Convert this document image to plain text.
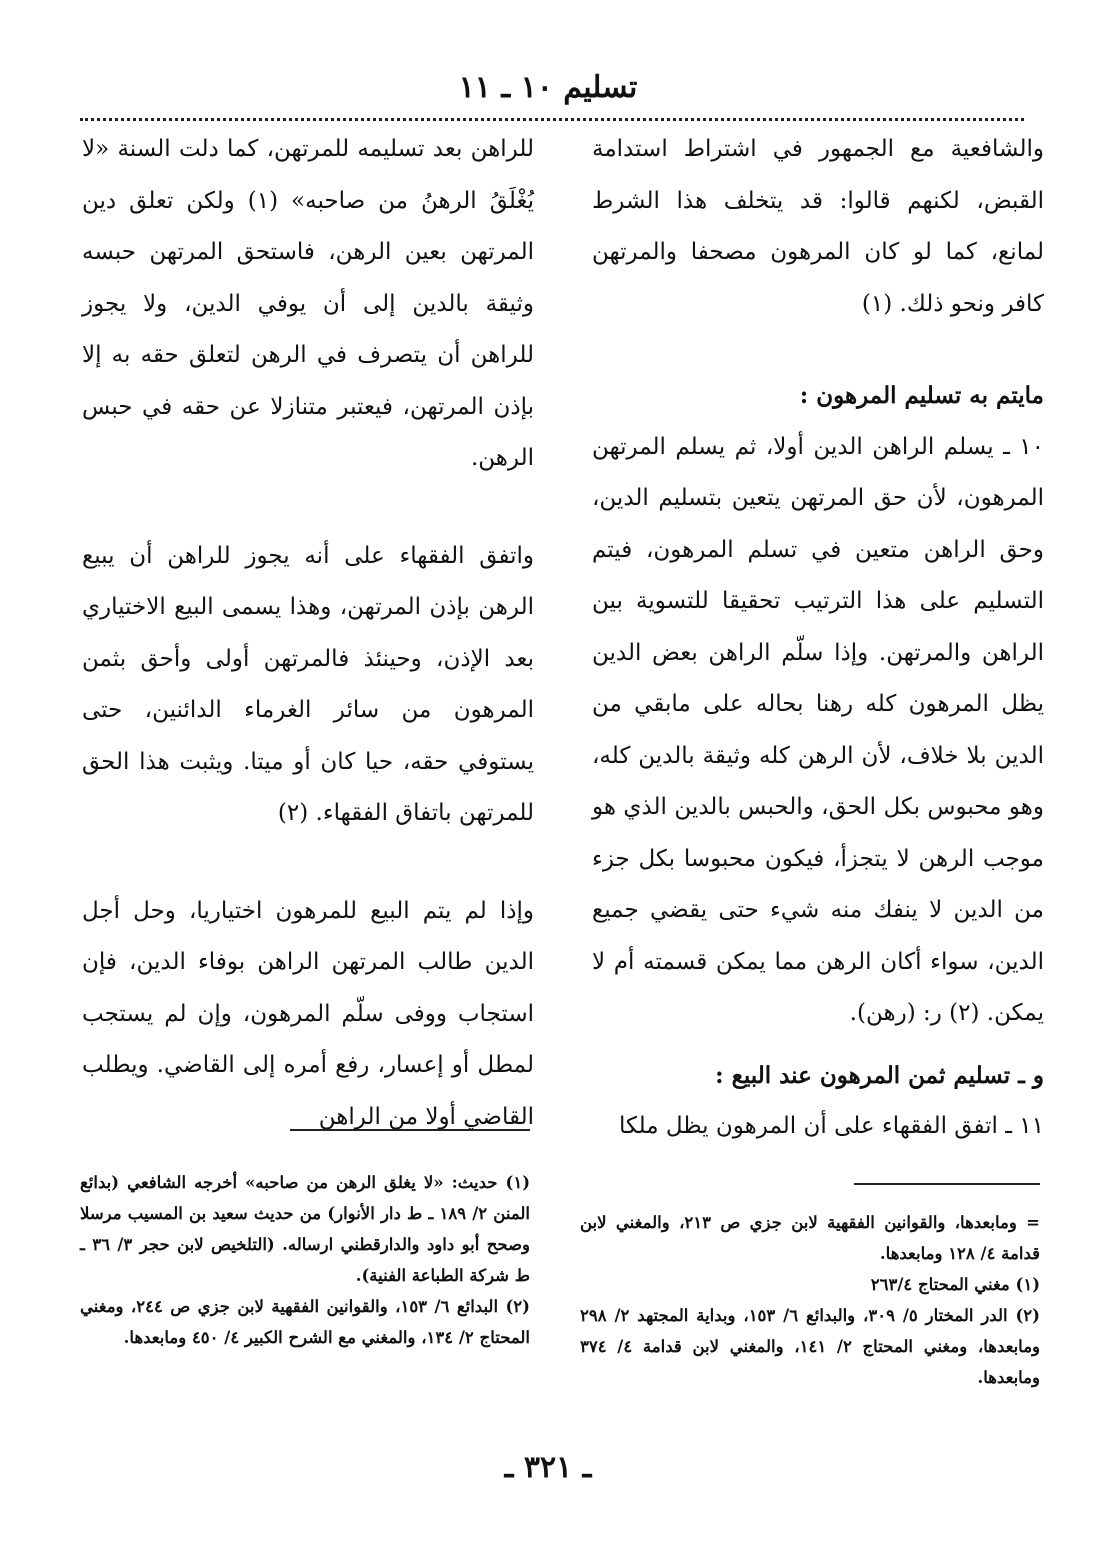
تسليم ١٠ ـ ١١

والشافعية مع الجمهور في اشتراط استدامة القبض، لكنهم قالوا: قد يتخلف هذا الشرط لمانع، كما لو كان المرهون مصحفا والمرتهن كافر ونحو ذلك. (١)

مايتم به تسليم المرهون :

١٠ ـ يسلم الراهن الدين أولا، ثم يسلم المرتهن المرهون، لأن حق المرتهن يتعين بتسليم الدين، وحق الراهن متعين في تسلم المرهون، فيتم التسليم على هذا الترتيب تحقيقا للتسوية بين الراهن والمرتهن. وإذا سلّم الراهن بعض الدين يظل المرهون كله رهنا بحاله على مابقي من الدين بلا خلاف، لأن الرهن كله وثيقة بالدين كله، وهو محبوس بكل الحق، والحبس بالدين الذي هو موجب الرهن لا يتجزأ، فيكون محبوسا بكل جزء من الدين لا ينفك منه شيء حتى يقضي جميع الدين، سواء أكان الرهن مما يمكن قسمته أم لا يمكن. (٢) ر: (رهن).

و ـ تسليم ثمن المرهون عند البيع :

١١ ـ اتفق الفقهاء على أن المرهون يظل ملكا

للراهن بعد تسليمه للمرتهن، كما دلت السنة «لا يُغْلَقُ الرهنُ من صاحبه» (١) ولكن تعلق دين المرتهن بعين الرهن، فاستحق المرتهن حبسه وثيقة بالدين إلى أن يوفي الدين، ولا يجوز للراهن أن يتصرف في الرهن لتعلق حقه به إلا بإذن المرتهن، فيعتبر متنازلا عن حقه في حبس الرهن.

واتفق الفقهاء على أنه يجوز للراهن أن يبيع الرهن بإذن المرتهن، وهذا يسمى البيع الاختياري بعد الإذن، وحينئذ فالمرتهن أولى وأحق بثمن المرهون من سائر الغرماء الدائنين، حتى يستوفي حقه، حيا كان أو ميتا. ويثبت هذا الحق للمرتهن باتفاق الفقهاء. (٢)

وإذا لم يتم البيع للمرهون اختياريا، وحل أجل الدين طالب المرتهن الراهن بوفاء الدين، فإن استجاب ووفى سلّم المرهون، وإن لم يستجب لمطل أو إعسار، رفع أمره إلى القاضي. ويطلب القاضي أولا من الراهن

= ومابعدها، والقوانين الفقهية لابن جزي ص ٢١٣، والمغني لابن قدامة ٤/ ١٢٨ ومابعدها.

(١) مغني المحتاج ٢٦٣/٤

(٢) الدر المختار ٥/ ٣٠٩، والبدائع ٦/ ١٥٣، وبداية المجتهد ٢/ ٢٩٨ ومابعدها، ومغني المحتاج ٢/ ١٤١، والمغني لابن قدامة ٤/ ٣٧٤ ومابعدها.

(١) حديث: «لا يغلق الرهن من صاحبه» أخرجه الشافعي (بدائع المنن ٢/ ١٨٩ ـ ط دار الأنوار) من حديث سعيد بن المسيب مرسلا وصحح أبو داود والدارقطني ارساله. (التلخيص لابن حجر ٣/ ٣٦ ـ ط شركة الطباعة الفنية).

(٢) البدائع ٦/ ١٥٣، والقوانين الفقهية لابن جزي ص ٢٤٤، ومغني المحتاج ٢/ ١٣٤، والمغني مع الشرح الكبير ٤/ ٤٥٠ ومابعدها.

ـ ٣٢١ ـ
